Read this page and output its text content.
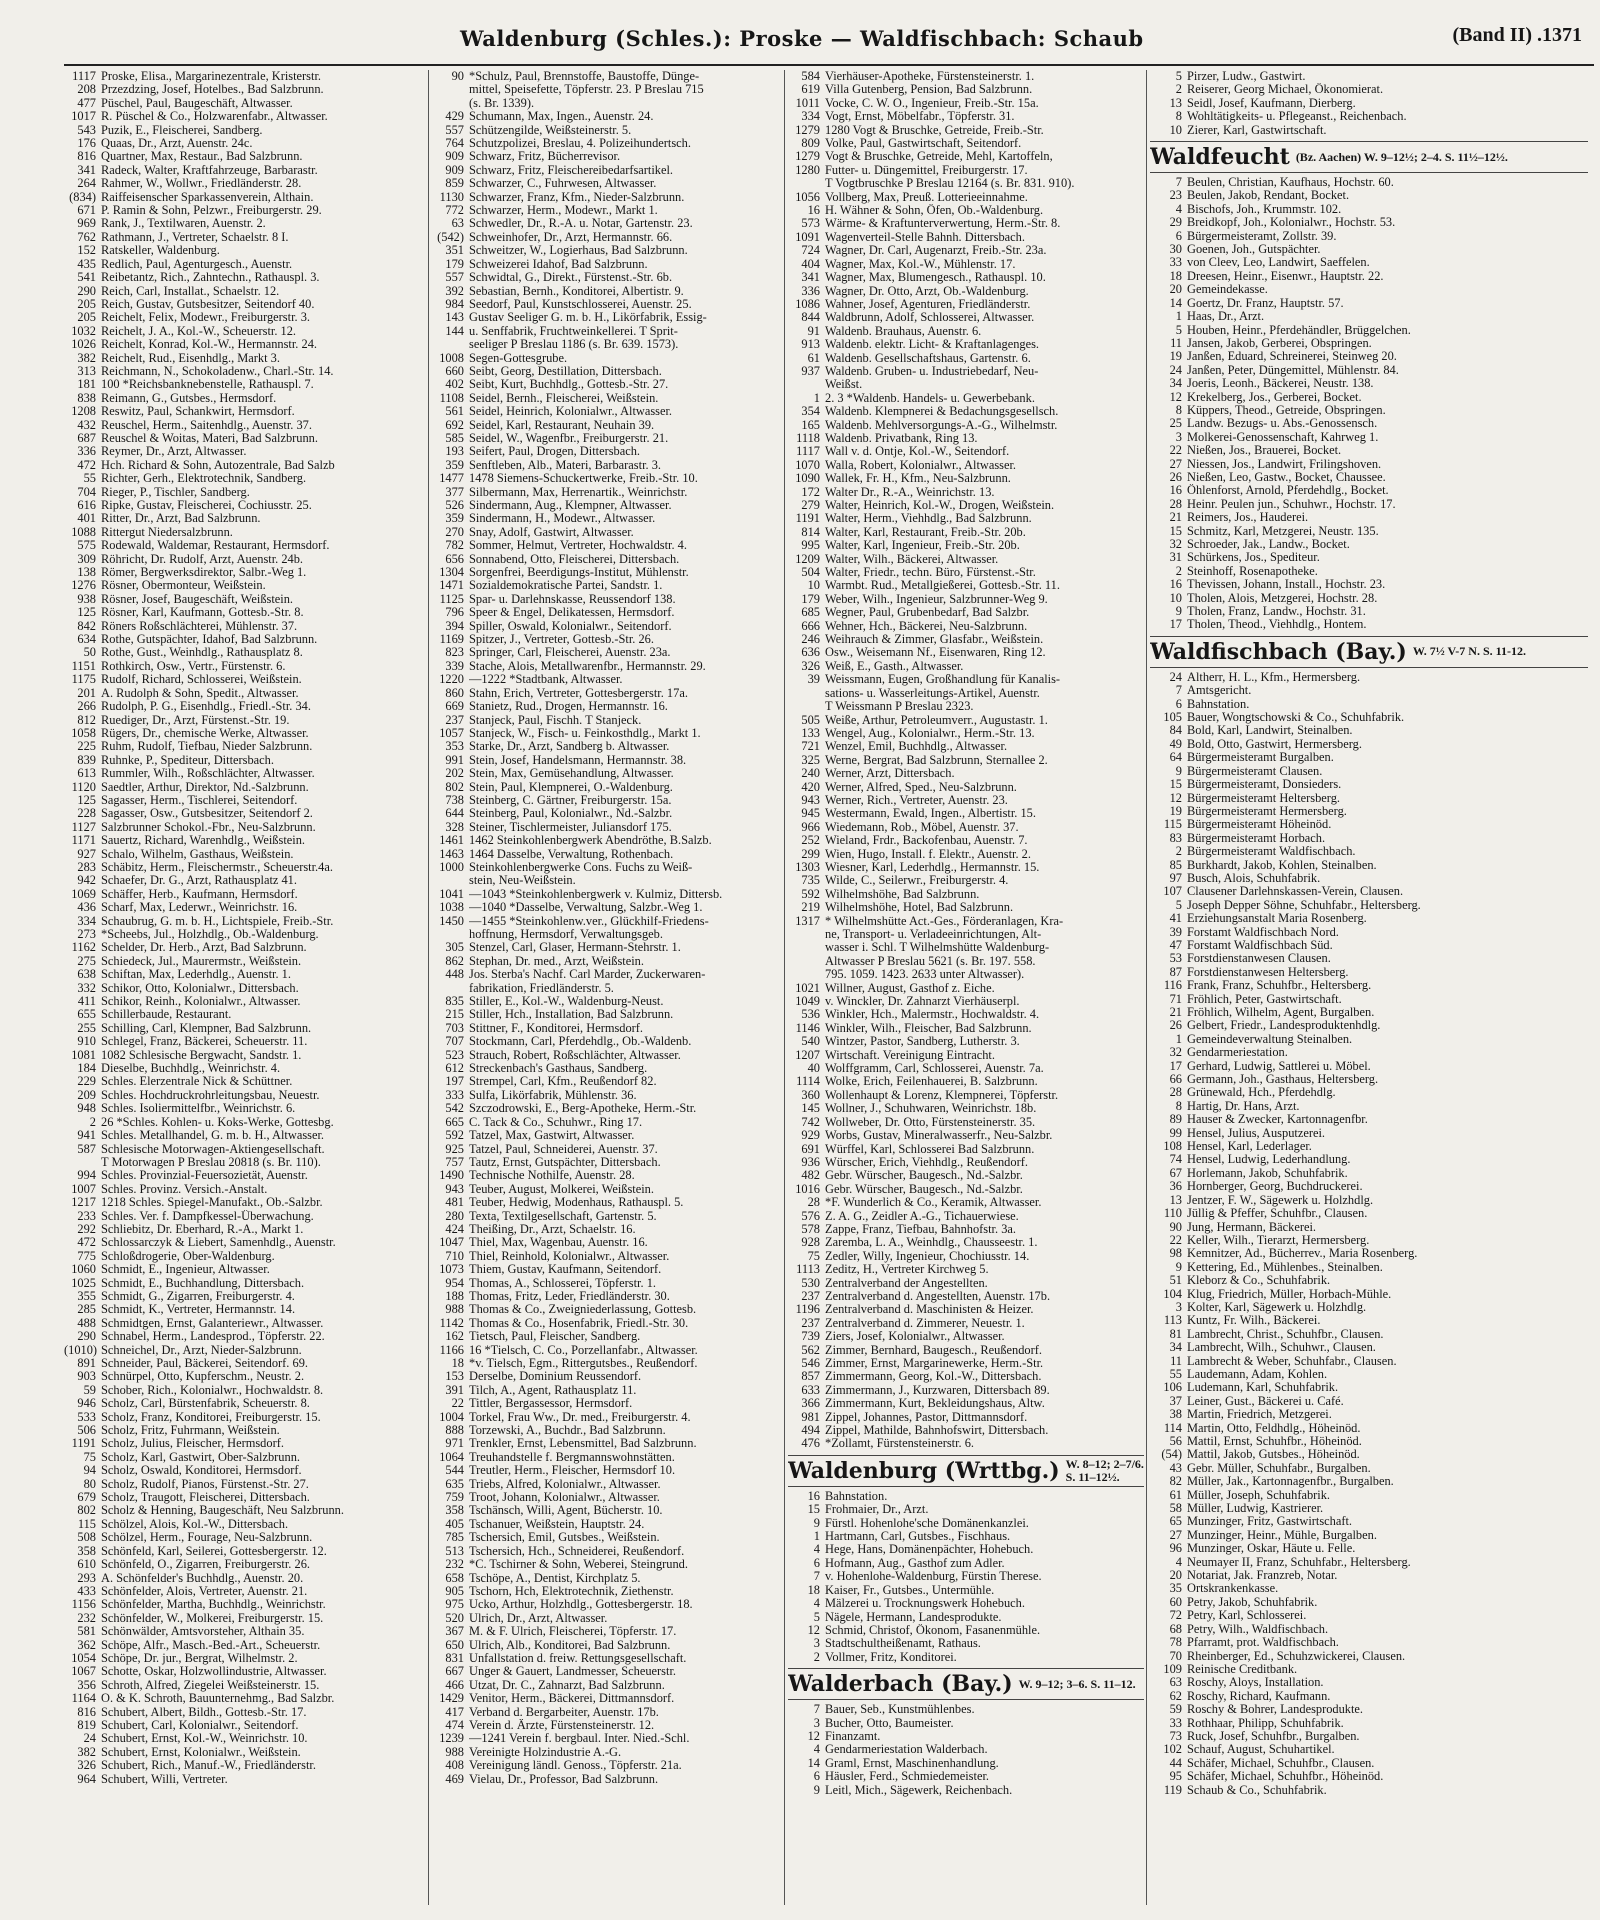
Waldenburg (Schles.): Proske — Waldfischbach: Schaub	(Band II) .1371
1117 Proske, Elisa., Margarinezentrale, Kristerstr.
208 Przezdzing, Josef, Hotelbes., Bad Salzbrunn.
477 Püschel, Paul, Baugeschäft, Altwasser.
1017 R. Püschel & Co., Holzwarenfabr., Altwasser.
543 Puzik, E., Fleischerei, Sandberg.
176 Quaas, Dr., Arzt, Auenstr. 24c.
816 Quartner, Max, Restaur., Bad Salzbrunn.
341 Radeck, Walter, Kraftfahrzeuge, Barbarastr.
264 Rahmer, W., Wollwr., Friedländerstr. 28.
(834) Raiffeisenscher Sparkassenverein, Althain.
671 P. Ramin & Sohn, Pelzwr., Freiburgerstr. 29.
969 Rank, J., Textilwaren, Auenstr. 2.
762 Rathmann, J., Vertreter, Schaelstr. 8 I.
152 Ratskeller, Waldenburg.
435 Redlich, Paul, Agenturgesch., Auenstr.
541 Reibetantz, Rich., Zahntechn., Rathauspl. 3.
290 Reich, Carl, Installat., Schaelstr. 12.
205 Reich, Gustav, Gutsbesitzer, Seitendorf 40.
205 Reichelt, Felix, Modewr., Freiburgerstr. 3.
1032 Reichelt, J. A., Kol.-W., Scheuerstr. 12.
1026 Reichelt, Konrad, Kol.-W., Hermannstr. 24.
382 Reichelt, Rud., Eisenhdlg., Markt 3.
313 Reichmann, N., Schokoladenw., Charl.-Str. 14.
181 100 *Reichsbanknebenstelle, Rathauspl. 7.
838 Reimann, G., Gutsbes., Hermsdorf.
1208 Reswitz, Paul, Schankwirt, Hermsdorf.
432 Reuschel, Herm., Saitenhdlg., Auenstr. 37.
687 Reuschel & Woitas, Materi, Bad Salzbrunn.
336 Reymer, Dr., Arzt, Altwasser.
472 Hch. Richard & Sohn, Autozentrale, Bad Salzb
55 Richter, Gerh., Elektrotechnik, Sandberg.
704 Rieger, P., Tischler, Sandberg.
616 Ripke, Gustav, Fleischerei, Cochiusstr. 25.
401 Ritter, Dr., Arzt, Bad Salzbrunn.
1088 Rittergut Niedersalzbrunn.
575 Rodewald, Waldemar, Restaurant, Hermsdorf.
309 Röhricht, Dr. Rudolf, Arzt, Auenstr. 24b.
138 Römer, Bergwerksdirektor, Salbr.-Weg 1.
1276 Rösner, Obermonteur, Weißstein.
938 Rösner, Josef, Baugeschäft, Weißstein.
125 Rösner, Karl, Kaufmann, Gottesb.-Str. 8.
842 Röners Roßschlächterei, Mühlenstr. 37.
634 Rothe, Gutspächter, Idahof, Bad Salzbrunn.
50 Rothe, Gust., Weinhdlg., Rathausplatz 8.
1151 Rothkirch, Osw., Vertr., Fürstenstr. 6.
1175 Rudolf, Richard, Schlosserei, Weißstein.
201 A. Rudolph & Sohn, Spedit., Altwasser.
266 Rudolph, P. G., Eisenhdlg., Friedl.-Str. 34.
812 Ruediger, Dr., Arzt, Fürstenst.-Str. 19.
1058 Rügers, Dr., chemische Werke, Altwasser.
225 Ruhm, Rudolf, Tiefbau, Nieder Salzbrunn.
839 Ruhnke, P., Spediteur, Dittersbach.
613 Rummler, Wilh., Roßschlächter, Altwasser.
1120 Saedtler, Arthur, Direktor, Nd.-Salzbrunn.
125 Sagasser, Herm., Tischlerei, Seitendorf.
228 Sagasser, Osw., Gutsbesitzer, Seitendorf 2.
1127 Salzbrunner Schokol.-Fbr., Neu-Salzbrunn.
1171 Sauertz, Richard, Warenhdlg., Weißstein.
927 Schalo, Wilhelm, Gasthaus, Weißstein.
283 Schäbitz, Herm., Fleischermstr., Scheuerstr.4a.
942 Schaefer, Dr. G., Arzt, Rathausplatz 41.
1069 Schäffer, Herb., Kaufmann, Hermsdorf.
436 Scharf, Max, Lederwr., Weinrichstr. 16.
334 Schaubrug, G. m. b. H., Lichtspiele, Freib.-Str.
273 *Scheebs, Jul., Holzhdlg., Ob.-Waldenburg.
1162 Schelder, Dr. Herb., Arzt, Bad Salzbrunn.
275 Schiedeck, Jul., Maurermstr., Weißstein.
638 Schiftan, Max, Lederhdlg., Auenstr. 1.
332 Schikor, Otto, Kolonialwr., Dittersbach.
411 Schikor, Reinh., Kolonialwr., Altwasser.
655 Schillerbaude, Restaurant.
255 Schilling, Carl, Klempner, Bad Salzbrunn.
910 Schlegel, Franz, Bäckerei, Scheuerstr. 11.
1081 1082 Schlesische Bergwacht, Sandstr. 1.
184 Dieselbe, Buchhdlg., Weinrichstr. 4.
229 Schles. Elerzentrale Nick & Schüttner.
209 Schles. Hochdruckrohrleitungsbau, Neuestr.
948 Schles. Isoliermittelfbr., Weinrichstr. 6.
2 26 *Schles. Kohlen- u. Koks-Werke, Gottesbg.
941 Schles. Metallhandel, G. m. b. H., Altwasser.
587 Schlesische Motorwagen-Aktiengesellschaft.
T Motorwagen P Breslau 20818 (s. Br. 110).
994 Schles. Provinzial-Feuersozietät, Auenstr.
1007 Schles. Provinz. Versich.-Anstalt.
1217 1218 Schles. Spiegel-Manufakt., Ob.-Salzbr.
233 Schles. Ver. f. Dampfkessel-Überwachung.
292 Schliebitz, Dr. Eberhard, R.-A., Markt 1.
472 Schlossarczyk & Liebert, Samenhdlg., Auenstr.
775 Schloßdrogerie, Ober-Waldenburg.
1060 Schmidt, E., Ingenieur, Altwasser.
1025 Schmidt, E., Buchhandlung, Dittersbach.
355 Schmidt, G., Zigarren, Freiburgerstr. 4.
285 Schmidt, K., Vertreter, Hermannstr. 14.
488 Schmidtgen, Ernst, Galanteriewr., Altwasser.
290 Schnabel, Herm., Landesprod., Töpferstr. 22.
(1010) Schneichel, Dr., Arzt, Nieder-Salzbrunn.
891 Schneider, Paul, Bäckerei, Seitendorf. 69.
903 Schnürpel, Otto, Kupferschm., Neustr. 2.
59 Schober, Rich., Kolonialwr., Hochwaldstr. 8.
946 Scholz, Carl, Bürstenfabrik, Scheuerstr. 8.
533 Scholz, Franz, Konditorei, Freiburgerstr. 15.
506 Scholz, Fritz, Fuhrmann, Weißstein.
1191 Scholz, Julius, Fleischer, Hermsdorf.
75 Scholz, Karl, Gastwirt, Ober-Salzbrunn.
94 Scholz, Oswald, Konditorei, Hermsdorf.
80 Scholz, Rudolf, Pianos, Fürstenst.-Str. 27.
679 Scholz, Traugott, Fleischerei, Dittersbach.
802 Scholz & Henning, Baugeschäft, Neu Salzbrunn.
115 Schölzel, Alois, Kol.-W., Dittersbach.
508 Schölzel, Herm., Fourage, Neu-Salzbrunn.
358 Schönfeld, Karl, Seilerei, Gottesbergerstr. 12.
610 Schönfeld, O., Zigarren, Freiburgerstr. 26.
293 A. Schönfelder's Buchhdlg., Auenstr. 20.
433 Schönfelder, Alois, Vertreter, Auenstr. 21.
1156 Schönfelder, Martha, Buchhdlg., Weinrichstr.
232 Schönfelder, W., Molkerei, Freiburgerstr. 15.
581 Schönwälder, Amtsvorsteher, Althain 35.
362 Schöpe, Alfr., Masch.-Bed.-Art., Scheuerstr.
1054 Schöpe, Dr. jur., Bergrat, Wilhelmstr. 2.
1067 Schotte, Oskar, Holzwollindustrie, Altwasser.
356 Schroth, Alfred, Ziegelei Weißsteinerstr. 15.
1164 O. & K. Schroth, Bauunternehmg., Bad Salzbr.
816 Schubert, Albert, Bildh., Gottesb.-Str. 17.
819 Schubert, Carl, Kolonialwr., Seitendorf.
24 Schubert, Ernst, Kol.-W., Weinrichstr. 10.
382 Schubert, Ernst, Kolonialwr., Weißstein.
326 Schubert, Rich., Manuf.-W., Friedländerstr.
964 Schubert, Willi, Vertreter.
90 *Schulz, Paul, Brennstoffe, Baustoffe, Dünge-
mittel, Speisefette, Töpferstr. 23. P Breslau 715
(s. Br. 1339).
429 Schumann, Max, Ingen., Auenstr. 24.
557 Schützengilde, Weißsteinerstr. 5.
764 Schutzpolizei, Breslau, 4. Polizeihundertsch.
909 Schwarz, Fritz, Bücherrevisor.
909 Schwarz, Fritz, Fleischereibedarfsartikel.
859 Schwarzer, C., Fuhrwesen, Altwasser.
1130 Schwarzer, Franz, Kfm., Nieder-Salzbrunn.
772 Schwarzer, Herm., Modewr., Markt 1.
63 Schwedler, Dr., R.-A. u. Notar, Gartenstr. 23.
(542) Schweinhofer, Dr., Arzt, Hermannstr. 66.
351 Schweitzer, W., Logierhaus, Bad Salzbrunn.
179 Schweizerei Idahof, Bad Salzbrunn.
557 Schwidtal, G., Direkt., Fürstenst.-Str. 6b.
392 Sebastian, Bernh., Konditorei, Albertistr. 9.
984 Seedorf, Paul, Kunstschlosserei, Auenstr. 25.
143 Gustav Seeliger G. m. b. H., Likörfabrik, Essig-
144 u. Senffabrik, Fruchtweinkellerei. T Sprit-
seeliger P Breslau 1186 (s. Br. 639. 1573).
1008 Segen-Gottesgrube.
660 Seibt, Georg, Destillation, Dittersbach.
402 Seibt, Kurt, Buchhdlg., Gottesb.-Str. 27.
1108 Seidel, Bernh., Fleischerei, Weißstein.
561 Seidel, Heinrich, Kolonialwr., Altwasser.
692 Seidel, Karl, Restaurant, Neuhain 39.
585 Seidel, W., Wagenfbr., Freiburgerstr. 21.
193 Seifert, Paul, Drogen, Dittersbach.
359 Senftleben, Alb., Materi, Barbarastr. 3.
1477 1478 Siemens-Schuckertwerke, Freib.-Str. 10.
377 Silbermann, Max, Herrenartik., Weinrichstr.
526 Sindermann, Aug., Klempner, Altwasser.
359 Sindermann, H., Modewr., Altwasser.
270 Snay, Adolf, Gastwirt, Altwasser.
782 Sommer, Helmut, Vertreter, Hochwaldstr. 4.
656 Sonnabend, Otto, Fleischerei, Dittersbach.
1304 Sorgenfrei, Beerdigungs-Institut, Mühlenstr.
1471 Sozialdemokratische Partei, Sandstr. 1.
1125 Spar- u. Darlehnskasse, Reussendorf 138.
796 Speer & Engel, Delikatessen, Hermsdorf.
394 Spiller, Oswald, Kolonialwr., Seitendorf.
1169 Spitzer, J., Vertreter, Gottesb.-Str. 26.
823 Springer, Carl, Fleischerei, Auenstr. 23a.
339 Stache, Alois, Metallwarenfbr., Hermannstr. 29.
1220 —1222 *Stadtbank, Altwasser.
860 Stahn, Erich, Vertreter, Gottesbergerstr. 17a.
669 Stanietz, Rud., Drogen, Hermannstr. 16.
237 Stanjeck, Paul, Fischh. T Stanjeck.
1057 Stanjeck, W., Fisch- u. Feinkosthdlg., Markt 1.
353 Starke, Dr., Arzt, Sandberg b. Altwasser.
991 Stein, Josef, Handelsmann, Hermannstr. 38.
202 Stein, Max, Gemüsehandlung, Altwasser.
802 Stein, Paul, Klempnerei, O.-Waldenburg.
738 Steinberg, C. Gärtner, Freiburgerstr. 15a.
644 Steinberg, Paul, Kolonialwr., Nd.-Salzbr.
328 Steiner, Tischlermeister, Juliansdorf 175.
1461 1462 Steinkohlenbergwerk Abendröthe, B.Salzb.
1463 1464 Dasselbe, Verwaltung, Rothenbach.
1000 Steinkohlenbergwerke Cons. Fuchs zu Weiß-
stein, Neu-Weißstein.
1041 —1043 *Steinkohlenbergwerk v. Kulmiz, Dittersb.
1038 —1040 *Dasselbe, Verwaltung, Salzbr.-Weg 1.
1450 —1455 *Steinkohlenw.ver., Glückhilf-Friedens-
hoffnung, Hermsdorf, Verwaltungsgeb.
305 Stenzel, Carl, Glaser, Hermann-Stehrstr. 1.
862 Stephan, Dr. med., Arzt, Weißstein.
448 Jos. Sterba's Nachf. Carl Marder, Zuckerwaren-
fabrikation, Friedländerstr. 5.
835 Stiller, E., Kol.-W., Waldenburg-Neust.
215 Stiller, Hch., Installation, Bad Salzbrunn.
703 Stittner, F., Konditorei, Hermsdorf.
707 Stockmann, Carl, Pferdehdlg., Ob.-Waldenb.
523 Strauch, Robert, Roßschlächter, Altwasser.
612 Streckenbach's Gasthaus, Sandberg.
197 Strempel, Carl, Kfm., Reußendorf 82.
333 Sulfa, Likörfabrik, Mühlenstr. 36.
542 Szczodrowski, E., Berg-Apotheke, Herm.-Str.
665 C. Tack & Co., Schuhwr., Ring 17.
592 Tatzel, Max, Gastwirt, Altwasser.
925 Tatzel, Paul, Schneiderei, Auenstr. 37.
757 Tautz, Ernst, Gutspächter, Dittersbach.
1490 Technische Nothilfe, Auenstr. 28.
943 Teuber, August, Molkerei, Weißstein.
481 Teuber, Hedwig, Modenhaus, Rathauspl. 5.
280 Texta, Textilgesellschaft, Gartenstr. 5.
424 Theißing, Dr., Arzt, Schaelstr. 16.
1047 Thiel, Max, Wagenbau, Auenstr. 16.
710 Thiel, Reinhold, Kolonialwr., Altwasser.
1073 Thiem, Gustav, Kaufmann, Seitendorf.
954 Thomas, A., Schlosserei, Töpferstr. 1.
188 Thomas, Fritz, Leder, Friedländerstr. 30.
988 Thomas & Co., Zweigniederlassung, Gottesb.
1142 Thomas & Co., Hosenfabrik, Friedl.-Str. 30.
162 Tietsch, Paul, Fleischer, Sandberg.
1166 16 *Tielsch, C. Co., Porzellanfabr., Altwasser.
18 *v. Tielsch, Egm., Rittergutsbes., Reußendorf.
153 Derselbe, Dominium Reussendorf.
391 Tilch, A., Agent, Rathausplatz 11.
22 Tittler, Bergassessor, Hermsdorf.
1004 Torkel, Frau Ww., Dr. med., Freiburgerstr. 4.
888 Torzewski, A., Buchdr., Bad Salzbrunn.
971 Trenkler, Ernst, Lebensmittel, Bad Salzbrunn.
1064 Treuhandstelle f. Bergmannswohnstätten.
544 Treutler, Herm., Fleischer, Hermsdorf 10.
635 Triebs, Alfred, Kolonialwr., Altwasser.
759 Troot, Johann, Kolonialwr., Altwasser.
358 Tschänsch, Willi, Agent, Bücherstr. 10.
405 Tschanuer, Weißstein, Hauptstr. 24.
785 Tschersich, Emil, Gutsbes., Weißstein.
513 Tschersich, Hch., Schneiderei, Reußendorf.
232 *C. Tschirner & Sohn, Weberei, Steingrund.
658 Tschöpe, A., Dentist, Kirchplatz 5.
905 Tschorn, Hch, Elektrotechnik, Ziethenstr.
975 Ucko, Arthur, Holzhdlg., Gottesbergerstr. 18.
520 Ulrich, Dr., Arzt, Altwasser.
367 M. & F. Ulrich, Fleischerei, Töpferstr. 17.
650 Ulrich, Alb., Konditorei, Bad Salzbrunn.
831 Unfallstation d. freiw. Rettungsgesellschaft.
667 Unger & Gauert, Landmesser, Scheuerstr.
466 Utzat, Dr. C., Zahnarzt, Bad Salzbrunn.
1429 Venitor, Herm., Bäckerei, Dittmannsdorf.
417 Verband d. Bergarbeiter, Auenstr. 17b.
474 Verein d. Ärzte, Fürstensteinerstr. 12.
1239 —1241 Verein f. bergbaul. Inter. Nied.-Schl.
988 Vereinigte Holzindustrie A.-G.
408 Vereinigung ländl. Genoss., Töpferstr. 21a.
469 Vielau, Dr., Professor, Bad Salzbrunn.
584 Vierhäuser-Apotheke, Fürstensteinerstr. 1.
619 Villa Gutenberg, Pension, Bad Salzbrunn.
1011 Vocke, C. W. O., Ingenieur, Freib.-Str. 15a.
334 Vogt, Ernst, Möbelfabr., Töpferstr. 31.
1279 1280 Vogt & Bruschke, Getreide, Freib.-Str.
809 Volke, Paul, Gastwirtschaft, Seitendorf.
1279 Vogt & Bruschke, Getreide, Mehl, Kartoffeln,
1280 Futter- u. Düngemittel, Freiburgerstr. 17.
T Vogtbruschke P Breslau 12164 (s. Br. 831. 910).
1056 Vollberg, Max, Preuß. Lotterieeinnahme.
16 H. Wähner & Sohn, Öfen, Ob.-Waldenburg.
573 Wärme- & Kraftunterverwertung, Herm.-Str. 8.
1091 Wagenverteil-Stelle Bahnh. Dittersbach.
724 Wagner, Dr. Carl, Augenarzt, Freib.-Str. 23a.
404 Wagner, Max, Kol.-W., Mühlenstr. 17.
341 Wagner, Max, Blumengesch., Rathauspl. 10.
336 Wagner, Dr. Otto, Arzt, Ob.-Waldenburg.
1086 Wahner, Josef, Agenturen, Friedländerstr.
844 Waldbrunn, Adolf, Schlosserei, Altwasser.
91 Waldenb. Brauhaus, Auenstr. 6.
913 Waldenb. elektr. Licht- & Kraftanlagenges.
61 Waldenb. Gesellschaftshaus, Gartenstr. 6.
937 Waldenb. Gruben- u. Industriebedarf, Neu-
Weißst.
1 2. 3 *Waldenb. Handels- u. Gewerbebank.
354 Waldenb. Klempnerei & Bedachungsgesellsch.
165 Waldenb. Mehlversorgungs-A.-G., Wilhelmstr.
1118 Waldenb. Privatbank, Ring 13.
1117 Wall v. d. Ontje, Kol.-W., Seitendorf.
1070 Walla, Robert, Kolonialwr., Altwasser.
1090 Wallek, Fr. H., Kfm., Neu-Salzbrunn.
172 Walter Dr., R.-A., Weinrichstr. 13.
279 Walter, Heinrich, Kol.-W., Drogen, Weißstein.
1191 Walter, Herm., Viehhdlg., Bad Salzbrunn.
814 Walter, Karl, Restaurant, Freib.-Str. 20b.
995 Walter, Karl, Ingenieur, Freib.-Str. 20b.
1209 Walter, Wilh., Bäckerei, Altwasser.
504 Walter, Friedr., techn. Büro, Fürstenst.-Str.
10 Warmbt. Rud., Metallgießerei, Gottesb.-Str. 11.
179 Weber, Wilh., Ingenieur, Salzbrunner-Weg 9.
685 Wegner, Paul, Grubenbedarf, Bad Salzbr.
666 Wehner, Hch., Bäckerei, Neu-Salzbrunn.
246 Weihrauch & Zimmer, Glasfabr., Weißstein.
636 Osw., Weisemann Nf., Eisenwaren, Ring 12.
326 Weiß, E., Gasth., Altwasser.
39 Weissmann, Eugen, Großhandlung für Kanalis-
sations- u. Wasserleitungs-Artikel, Auenstr.
T Weissmann P Breslau 2323.
505 Weiße, Arthur, Petroleumverr., Augustastr. 1.
133 Wengel, Aug., Kolonialwr., Herm.-Str. 13.
721 Wenzel, Emil, Buchhdlg., Altwasser.
325 Werne, Bergrat, Bad Salzbrunn, Sternallee 2.
240 Werner, Arzt, Dittersbach.
420 Werner, Alfred, Sped., Neu-Salzbrunn.
943 Werner, Rich., Vertreter, Auenstr. 23.
945 Westermann, Ewald, Ingen., Albertistr. 15.
966 Wiedemann, Rob., Möbel, Auenstr. 37.
252 Wieland, Frdr., Backofenbau, Auenstr. 7.
299 Wien, Hugo, Install. f. Elektr., Auenstr. 2.
1303 Wiesner, Karl, Lederhdlg., Hermannstr. 15.
735 Wilde, C., Seilerwr., Freiburgerstr. 4.
592 Wilhelmshöhe, Bad Salzbrunn.
219 Wilhelmshöhe, Hotel, Bad Salzbrunn.
1317 * Wilhelmshütte Act.-Ges., Förderanlagen, Kra-
ne, Transport- u. Verladeeinrichtungen, Alt-
wasser i. Schl. T Wilhelmshütte Waldenburg-
Altwasser P Breslau 5621 (s. Br. 197. 558.
795. 1059. 1423. 2633 unter Altwasser).
1021 Willner, August, Gasthof z. Eiche.
1049 v. Winckler, Dr. Zahnarzt Vierhäuserpl.
536 Winkler, Hch., Malermstr., Hochwaldstr. 4.
1146 Winkler, Wilh., Fleischer, Bad Salzbrunn.
540 Wintzer, Pastor, Sandberg, Lutherstr. 3.
1207 Wirtschaft. Vereinigung Eintracht.
40 Wolffgramm, Carl, Schlosserei, Auenstr. 7a.
1114 Wolke, Erich, Feilenhauerei, B. Salzbrunn.
360 Wollenhaupt & Lorenz, Klempnerei, Töpferstr.
145 Wollner, J., Schuhwaren, Weinrichstr. 18b.
742 Wollweber, Dr. Otto, Fürstensteinerstr. 35.
929 Worbs, Gustav, Mineralwasserfr., Neu-Salzbr.
691 Würffel, Karl, Schlosserei Bad Salzbrunn.
936 Würscher, Erich, Viehhdlg., Reußendorf.
482 Gebr. Würscher, Baugesch., Nd.-Salzbr.
1016 Gebr. Würscher, Baugesch., Nd.-Salzbr.
28 *F. Wunderlich & Co., Keramik, Altwasser.
576 Z. A. G., Zeidler A.-G., Tichauerwiese.
578 Zappe, Franz, Tiefbau, Bahnhofstr. 3a.
928 Zaremba, L. A., Weinhdlg., Chausseestr. 1.
75 Zedler, Willy, Ingenieur, Chochiusstr. 14.
1113 Zeditz, H., Vertreter Kirchweg 5.
530 Zentralverband der Angestellten.
237 Zentralverband d. Angestellten, Auenstr. 17b.
1196 Zentralverband d. Maschinisten & Heizer.
237 Zentralverband d. Zimmerer, Neuestr. 1.
739 Ziers, Josef, Kolonialwr., Altwasser.
562 Zimmer, Bernhard, Baugesch., Reußendorf.
546 Zimmer, Ernst, Margarinewerke, Herm.-Str.
857 Zimmermann, Georg, Kol.-W., Dittersbach.
633 Zimmermann, J., Kurzwaren, Dittersbach 89.
366 Zimmermann, Kurt, Bekleidungshaus, Altw.
981 Zippel, Johannes, Pastor, Dittmannsdorf.
494 Zippel, Mathilde, Bahnhofswirt, Dittersbach.
476 *Zollamt, Fürstensteinerstr. 6.
Waldenburg (Wrttbg.) W. 8–12; 2–7/6. S. 11–12½.
16 Bahnstation.
15 Frohmaier, Dr., Arzt.
9 Fürstl. Hohenlohe'sche Domänenkanzlei.
1 Hartmann, Carl, Gutsbes., Fischhaus.
4 Hege, Hans, Domänenpächter, Hohebuch.
6 Hofmann, Aug., Gasthof zum Adler.
7 v. Hohenlohe-Waldenburg, Fürstin Therese.
18 Kaiser, Fr., Gutsbes., Untermühle.
4 Mälzerei u. Trocknungswerk Hohebuch.
5 Nägele, Hermann, Landesprodukte.
12 Schmid, Christof, Ökonom, Fasanenmühle.
3 Stadtschultheißenamt, Rathaus.
2 Vollmer, Fritz, Konditorei.
Walderbach (Bay.) W. 9–12; 3–6. S. 11–12.
7 Bauer, Seb., Kunstmühlenbes.
3 Bucher, Otto, Baumeister.
12 Finanzamt.
4 Gendarmeriestation Walderbach.
14 Graml, Ernst, Maschinenhandlung.
6 Häusler, Ferd., Schmiedemeister.
9 Leitl, Mich., Sägewerk, Reichenbach.
5 Pirzer, Ludw., Gastwirt.
2 Reiserer, Georg Michael, Ökonomierat.
13 Seidl, Josef, Kaufmann, Dierberg.
8 Wohltätigkeits- u. Pflegeanst., Reichenbach.
10 Zierer, Karl, Gastwirtschaft.
Waldfeucht (Bz. Aachen) W. 9–12½; 2–4. S. 11½–12½.
7 Beulen, Christian, Kaufhaus, Hochstr. 60.
23 Beulen, Jakob, Rendant, Bocket.
4 Bischofs, Joh., Krummstr. 102.
29 Breidkopf, Joh., Kolonialwr., Hochstr. 53.
6 Bürgermeisteramt, Zollstr. 39.
30 Goenen, Joh., Gutspächter.
33 von Cleev, Leo, Landwirt, Saeffelen.
18 Dreesen, Heinr., Eisenwr., Hauptstr. 22.
20 Gemeindekasse.
14 Goertz, Dr. Franz, Hauptstr. 57.
1 Haas, Dr., Arzt.
5 Houben, Heinr., Pferdehändler, Brüggelchen.
11 Jansen, Jakob, Gerberei, Obspringen.
19 Janßen, Eduard, Schreinerei, Steinweg 20.
24 Janßen, Peter, Düngemittel, Mühlenstr. 84.
34 Joeris, Leonh., Bäckerei, Neustr. 138.
12 Krekelberg, Jos., Gerberei, Bocket.
8 Küppers, Theod., Getreide, Obspringen.
25 Landw. Bezugs- u. Abs.-Genossensch.
3 Molkerei-Genossenschaft, Kahrweg 1.
22 Nießen, Jos., Brauerei, Bocket.
27 Niessen, Jos., Landwirt, Frilingshoven.
26 Nießen, Leo, Gastw., Bocket, Chaussee.
16 Öhlenforst, Arnold, Pferdehdlg., Bocket.
28 Heinr. Peulen jun., Schuhwr., Hochstr. 17.
21 Reimers, Jos., Hauderei.
15 Schmitz, Karl, Metzgerei, Neustr. 135.
32 Schroeder, Jak., Landw., Bocket.
31 Schürkens, Jos., Spediteur.
2 Steinhoff, Rosenapotheke.
16 Thevissen, Johann, Install., Hochstr. 23.
10 Tholen, Alois, Metzgerei, Hochstr. 28.
9 Tholen, Franz, Landw., Hochstr. 31.
17 Tholen, Theod., Viehhdlg., Hontem.
Waldfischbach (Bay.) W. 7½ V-7 N. S. 11-12.
24 Altherr, H. L., Kfm., Hermersberg.
7 Amtsgericht.
6 Bahnstation.
105 Bauer, Wongtschowski & Co., Schuhfabrik.
84 Bold, Karl, Landwirt, Steinalben.
49 Bold, Otto, Gastwirt, Hermersberg.
64 Bürgermeisteramt Burgalben.
9 Bürgermeisteramt Clausen.
15 Bürgermeisteramt, Donsieders.
12 Bürgermeisteramt Heltersberg.
19 Bürgermeisteramt Hermersberg.
115 Bürgermeisteramt Höheinöd.
83 Bürgermeisteramt Horbach.
2 Bürgermeisteramt Waldfischbach.
85 Burkhardt, Jakob, Kohlen, Steinalben.
97 Busch, Alois, Schuhfabrik.
107 Clausener Darlehnskassen-Verein, Clausen.
5 Joseph Depper Söhne, Schuhfabr., Heltersberg.
41 Erziehungsanstalt Maria Rosenberg.
39 Forstamt Waldfischbach Nord.
47 Forstamt Waldfischbach Süd.
53 Forstdienstanwesen Clausen.
87 Forstdienstanwesen Heltersberg.
116 Frank, Franz, Schuhfbr., Heltersberg.
71 Fröhlich, Peter, Gastwirtschaft.
21 Fröhlich, Wilhelm, Agent, Burgalben.
26 Gelbert, Friedr., Landesproduktenhdlg.
1 Gemeindeverwaltung Steinalben.
32 Gendarmeriestation.
17 Gerhard, Ludwig, Sattlerei u. Möbel.
66 Germann, Joh., Gasthaus, Heltersberg.
28 Grünewald, Hch., Pferdehdlg.
8 Hartig, Dr. Hans, Arzt.
89 Hauser & Zwecker, Kartonnagenfbr.
99 Hensel, Julius, Ausputzerei.
108 Hensel, Karl, Lederlager.
74 Hensel, Ludwig, Lederhandlung.
67 Horlemann, Jakob, Schuhfabrik.
36 Hornberger, Georg, Buchdruckerei.
13 Jentzer, F. W., Sägewerk u. Holzhdlg.
110 Jüllig & Pfeffer, Schuhfbr., Clausen.
90 Jung, Hermann, Bäckerei.
22 Keller, Wilh., Tierarzt, Hermersberg.
98 Kemnitzer, Ad., Bücherrev., Maria Rosenberg.
9 Kettering, Ed., Mühlenbes., Steinalben.
51 Kleborz & Co., Schuhfabrik.
104 Klug, Friedrich, Müller, Horbach-Mühle.
3 Kolter, Karl, Sägewerk u. Holzhdlg.
113 Kuntz, Fr. Wilh., Bäckerei.
81 Lambrecht, Christ., Schuhfbr., Clausen.
34 Lambrecht, Wilh., Schuhwr., Clausen.
11 Lambrecht & Weber, Schuhfabr., Clausen.
55 Laudemann, Adam, Kohlen.
106 Ludemann, Karl, Schuhfabrik.
37 Leiner, Gust., Bäckerei u. Café.
38 Martin, Friedrich, Metzgerei.
114 Martin, Otto, Feldhdlg., Höheinöd.
56 Mattil, Ernst, Schuhfbr., Höheinöd.
(54) Mattil, Jakob, Gutsbes., Höheinöd.
43 Gebr. Müller, Schuhfabr., Burgalben.
82 Müller, Jak., Kartonnagenfbr., Burgalben.
61 Müller, Joseph, Schuhfabrik.
58 Müller, Ludwig, Kastrierer.
65 Munzinger, Fritz, Gastwirtschaft.
27 Munzinger, Heinr., Mühle, Burgalben.
96 Munzinger, Oskar, Häute u. Felle.
4 Neumayer II, Franz, Schuhfabr., Heltersberg.
20 Notariat, Jak. Franzreb, Notar.
35 Ortskrankenkasse.
60 Petry, Jakob, Schuhfabrik.
72 Petry, Karl, Schlosserei.
68 Petry, Wilh., Waldfischbach.
78 Pfarramt, prot. Waldfischbach.
70 Rheinberger, Ed., Schuhzwickerei, Clausen.
109 Reinische Creditbank.
63 Roschy, Aloys, Installation.
62 Roschy, Richard, Kaufmann.
59 Roschy & Bohrer, Landesprodukte.
33 Rothhaar, Philipp, Schuhfabrik.
73 Ruck, Josef, Schuhfbr., Burgalben.
102 Schauf, August, Schuhartikel.
44 Schäfer, Michael, Schuhfbr., Clausen.
95 Schäfer, Michael, Schuhfbr., Höheinöd.
119 Schaub & Co., Schuhfabrik.
